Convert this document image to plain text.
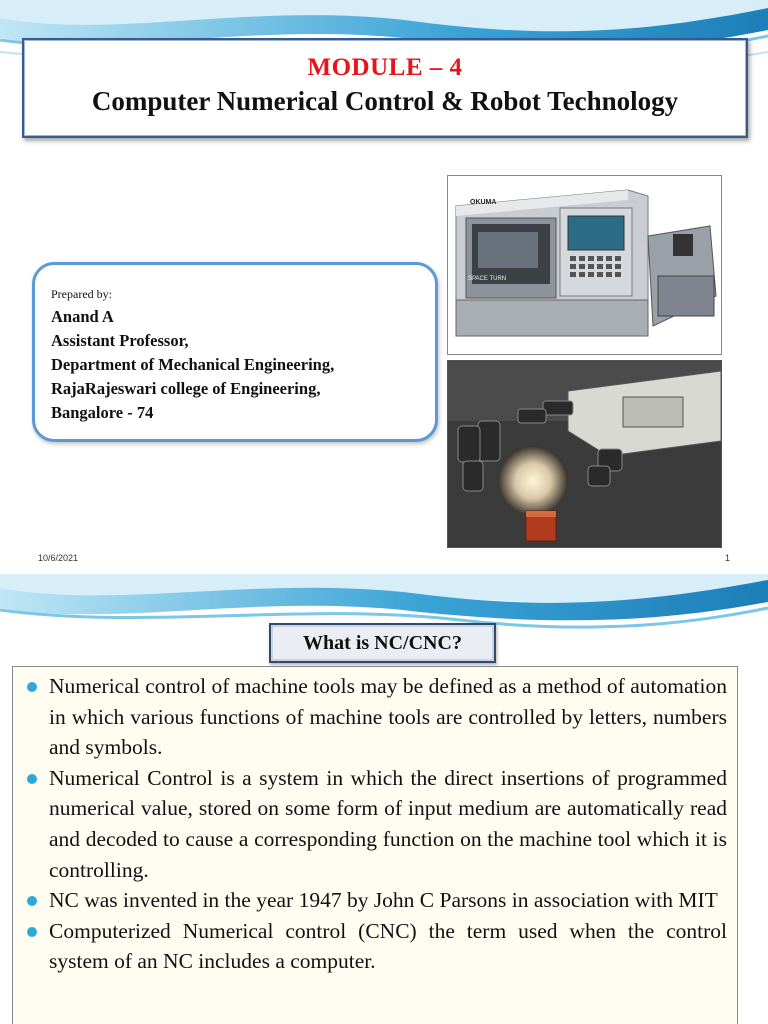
MODULE – 4
Computer Numerical Control & Robot Technology
Prepared by:
Anand A
Assistant Professor,
Department of Mechanical Engineering,
RajaRajeswari college of Engineering,
Bangalore - 74
OKUMA
SPACE TURN
10/6/2021	1
What is NC/CNC?
Numerical control of machine tools may be defined as a method of automation in which various functions of machine tools are controlled by letters, numbers and symbols.
Numerical Control is a system in which the direct insertions of programmed numerical value, stored on some form of input medium are automatically read and decoded to cause a corresponding function on the machine tool which it is controlling.
NC was invented in the year 1947 by John C Parsons in association with MIT
Computerized Numerical control (CNC) the term used when the control system of an NC includes a computer.
